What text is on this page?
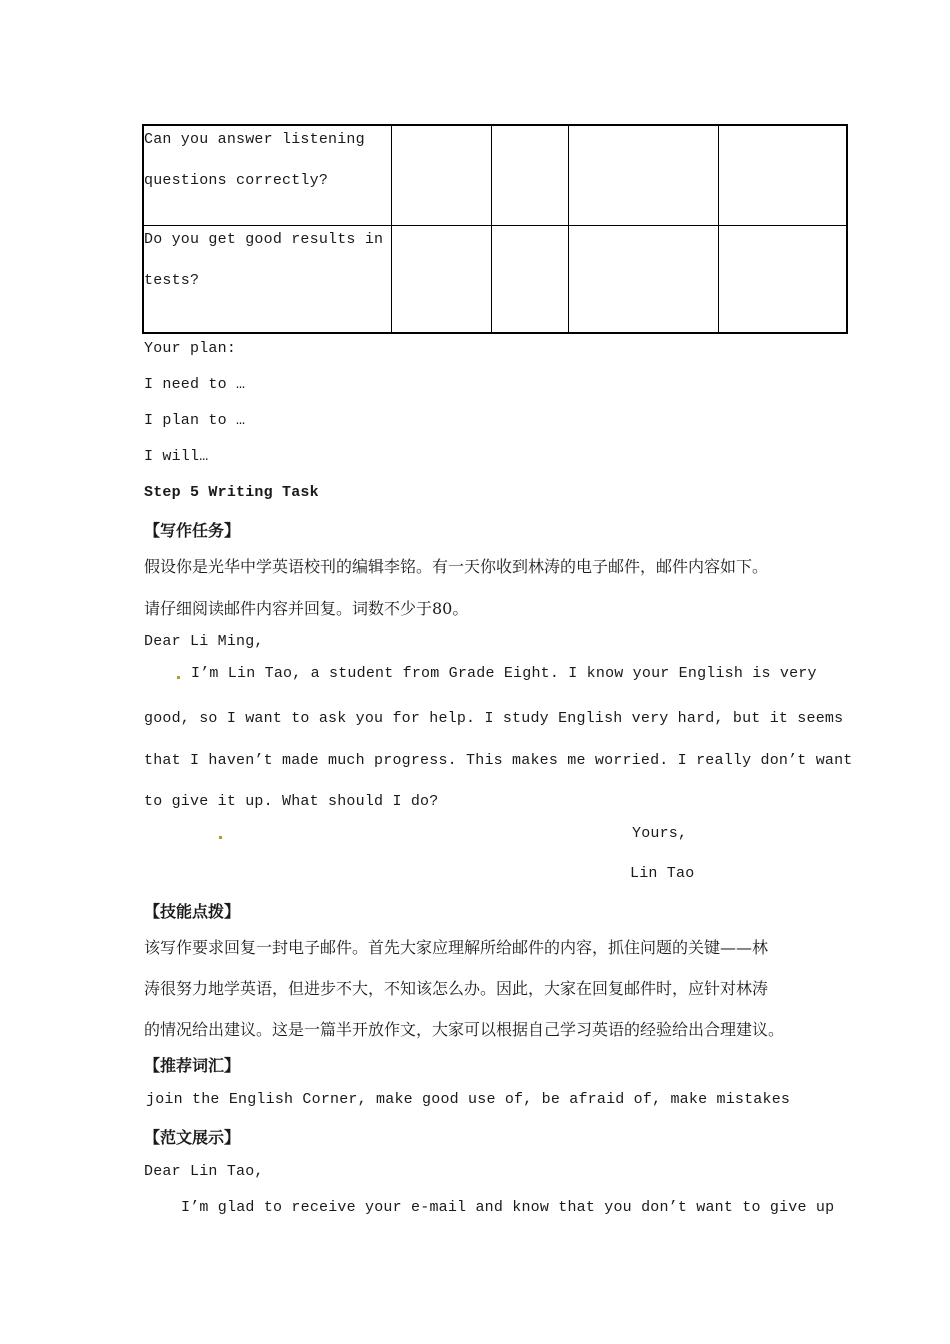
Can you answer listening
questions correctly?				

Do you get good results in
tests?				

Your plan:
I need to …
I plan to …
I will…
Step 5 Writing Task
【写作任务】
假设你是光华中学英语校刊的编辑李铭。有一天你收到林涛的电子邮件，邮件内容如下。
请仔细阅读邮件内容并回复。词数不少于80。
Dear Li Ming,
I’m Lin Tao, a student from Grade Eight. I know your English is very
good, so I want to ask you for help. I study English very hard, but it seems
that I haven’t made much progress. This makes me worried. I really don’t want
to give it up. What should I do?
Yours,
Lin Tao
【技能点拨】
该写作要求回复一封电子邮件。首先大家应理解所给邮件的内容，抓住问题的关键——林
涛很努力地学英语，但进步不大，不知该怎么办。因此，大家在回复邮件时，应针对林涛
的情况给出建议。这是一篇半开放作文，大家可以根据自己学习英语的经验给出合理建议。
【推荐词汇】
join the English Corner, make good use of, be afraid of, make mistakes
【范文展示】
Dear Lin Tao,
I’m glad to receive your e-mail and know that you don’t want to give up
